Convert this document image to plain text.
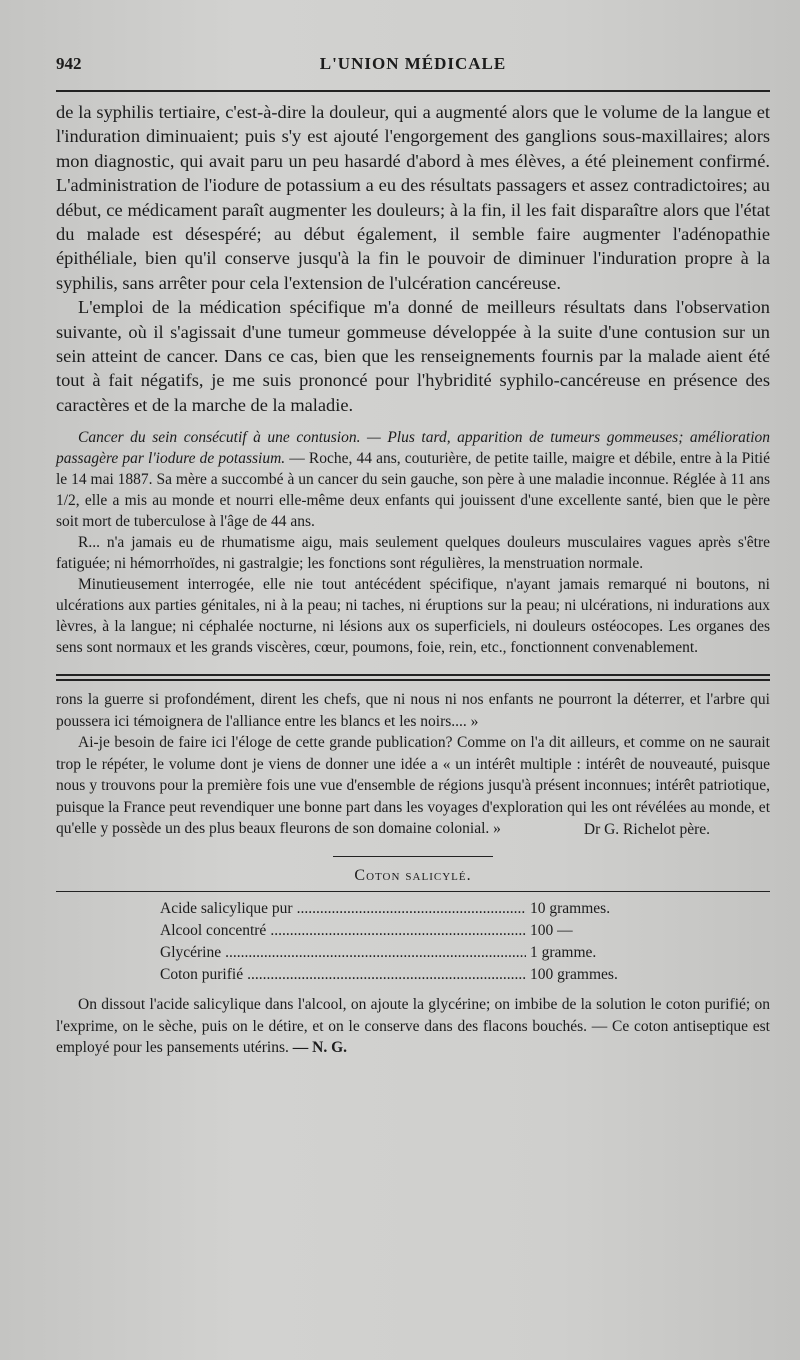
942	L'UNION MÉDICALE

de la syphilis tertiaire, c'est-à-dire la douleur, qui a augmenté alors que le volume de la langue et l'induration diminuaient; puis s'y est ajouté l'engorgement des ganglions sous-maxillaires; alors mon diagnostic, qui avait paru un peu hasardé d'abord à mes élèves, a été pleinement confirmé. L'administration de l'iodure de potassium a eu des résultats passagers et assez contradictoires; au début, ce médicament paraît augmenter les douleurs; à la fin, il les fait disparaître alors que l'état du malade est désespéré; au début également, il semble faire augmenter l'adénopathie épithéliale, bien qu'il conserve jusqu'à la fin le pouvoir de diminuer l'induration propre à la syphilis, sans arrêter pour cela l'extension de l'ulcération cancéreuse.

L'emploi de la médication spécifique m'a donné de meilleurs résultats dans l'observation suivante, où il s'agissait d'une tumeur gommeuse développée à la suite d'une contusion sur un sein atteint de cancer. Dans ce cas, bien que les renseignements fournis par la malade aient été tout à fait négatifs, je me suis prononcé pour l'hybridité syphilo-cancéreuse en présence des caractères et de la marche de la maladie.

Cancer du sein consécutif à une contusion. — Plus tard, apparition de tumeurs gommeuses; amélioration passagère par l'iodure de potassium. — Roche, 44 ans, couturière, de petite taille, maigre et débile, entre à la Pitié le 14 mai 1887. Sa mère a succombé à un cancer du sein gauche, son père à une maladie inconnue. Réglée à 11 ans 1/2, elle a mis au monde et nourri elle-même deux enfants qui jouissent d'une excellente santé, bien que le père soit mort de tuberculose à l'âge de 44 ans.

R... n'a jamais eu de rhumatisme aigu, mais seulement quelques douleurs musculaires vagues après s'être fatiguée; ni hémorrhoïdes, ni gastralgie; les fonctions sont régulières, la menstruation normale.

Minutieusement interrogée, elle nie tout antécédent spécifique, n'ayant jamais remarqué ni boutons, ni ulcérations aux parties génitales, ni à la peau; ni taches, ni éruptions sur la peau; ni ulcérations, ni indurations aux lèvres, à la langue; ni céphalée nocturne, ni lésions aux os superficiels, ni douleurs ostéocopes. Les organes des sens sont normaux et les grands viscères, cœur, poumons, foie, rein, etc., fonctionnent convenablement.

rons la guerre si profondément, dirent les chefs, que ni nous ni nos enfants ne pourront la déterrer, et l'arbre qui poussera ici témoignera de l'alliance entre les blancs et les noirs.... »

Ai-je besoin de faire ici l'éloge de cette grande publication? Comme on l'a dit ailleurs, et comme on ne saurait trop le répéter, le volume dont je viens de donner une idée a « un intérêt multiple : intérêt de nouveauté, puisque nous y trouvons pour la première fois une vue d'ensemble de régions jusqu'à présent inconnues; intérêt patriotique, puisque la France peut revendiquer une bonne part dans les voyages d'exploration qui les ont révélées au monde, et qu'elle y possède un des plus beaux fleurons de son domaine colonial. »	Dr G. Richelot père.

Coton salicylé.
Acide salicylique pur .....	10 grammes.
Alcool concentré .....	100 —
Glycérine .....	1 gramme.
Coton purifié .....	100 grammes.

On dissout l'acide salicylique dans l'alcool, on ajoute la glycérine; on imbibe de la solution le coton purifié; on l'exprime, on le sèche, puis on le détire, et on le conserve dans des flacons bouchés. — Ce coton antiseptique est employé pour les pansements utérins. — N. G.
